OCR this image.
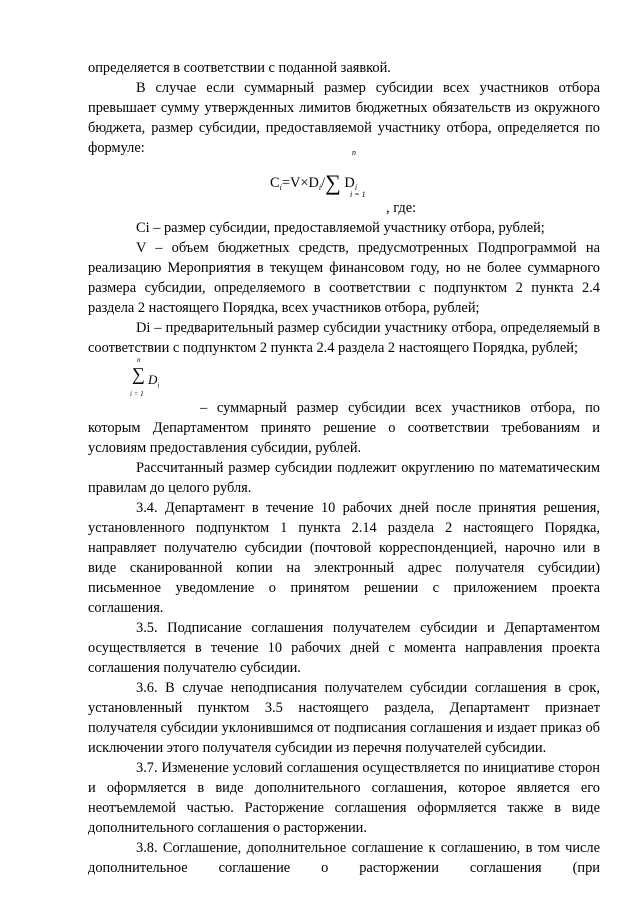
определяется в соответствии с поданной заявкой.

В случае если суммарный размер субсидии всех участников отбора превышает сумму утвержденных лимитов бюджетных обязательств из окружного бюджета, размер субсидии, предоставляемой участнику отбора, определяется по формуле:	n
$C_i=V\times D_i/\sum$ $D_i$
i = 1
, где:

Ci – размер субсидии, предоставляемой участнику отбора, рублей;

V – объем бюджетных средств, предусмотренных Подпрограммой на реализацию Мероприятия в текущем финансовом году, но не более суммарного размера субсидии, определяемого в соответствии с подпунктом 2 пункта 2.4 раздела 2 настоящего Порядка, всех участников отбора, рублей;

Di – предварительный размер субсидии участнику отбора, определяемый в соответствии с подпунктом 2 пункта 2.4 раздела 2 настоящего Порядка, рублей;

n
∑ $D_i$
i = 1

– суммарный размер субсидии всех участников отбора, по которым Департаментом принято решение о соответствии требованиям и условиям предоставления субсидии, рублей.

Рассчитанный размер субсидии подлежит округлению по математическим правилам до целого рубля.

3.4. Департамент в течение 10 рабочих дней после принятия решения, установленного подпунктом 1 пункта 2.14 раздела 2 настоящего Порядка, направляет получателю субсидии (почтовой корреспонденцией, нарочно или в виде сканированной копии на электронный адрес получателя субсидии) письменное уведомление о принятом решении с приложением проекта соглашения.

3.5. Подписание соглашения получателем субсидии и Департаментом осуществляется в течение 10 рабочих дней с момента направления проекта соглашения получателю субсидии.

3.6. В случае неподписания получателем субсидии соглашения в срок, установленный пунктом 3.5 настоящего раздела, Департамент признает получателя субсидии уклонившимся от подписания соглашения и издает приказ об исключении этого получателя субсидии из перечня получателей субсидии.

3.7. Изменение условий соглашения осуществляется по инициативе сторон и оформляется в виде дополнительного соглашения, которое является его неотъемлемой частью. Расторжение соглашения оформляется также в виде дополнительного соглашения о расторжении.

3.8. Соглашение, дополнительное соглашение к соглашению, в том числе дополнительное соглашение о расторжении соглашения (при
